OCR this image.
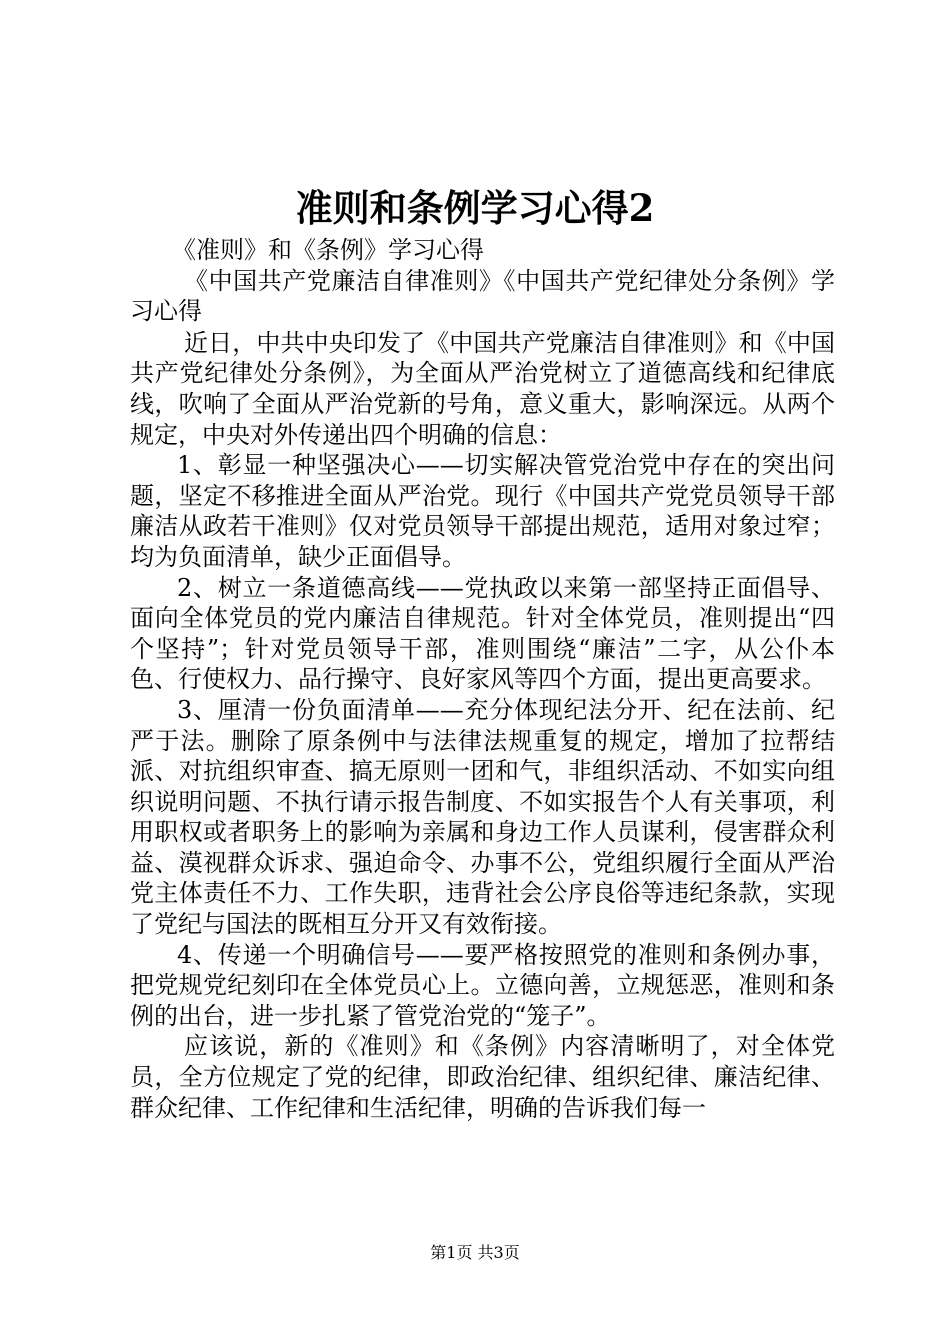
准则和条例学习心得2

《准则》和《条例》学习心得

《中国共产党廉洁自律准则》《中国共产党纪律处分条例》学习心得

近日，中共中央印发了《中国共产党廉洁自律准则》和《中国共产党纪律处分条例》，为全面从严治党树立了道德高线和纪律底线，吹响了全面从严治党新的号角，意义重大，影响深远。从两个规定，中央对外传递出四个明确的信息：

1、彰显一种坚强决心——切实解决管党治党中存在的突出问题，坚定不移推进全面从严治党。现行《中国共产党党员领导干部廉洁从政若干准则》仅对党员领导干部提出规范，适用对象过窄；均为负面清单，缺少正面倡导。

2、树立一条道德高线——党执政以来第一部坚持正面倡导、面向全体党员的党内廉洁自律规范。针对全体党员，准则提出“四个坚持”；针对党员领导干部，准则围绕“廉洁”二字，从公仆本色、行使权力、品行操守、良好家风等四个方面，提出更高要求。

3、厘清一份负面清单——充分体现纪法分开、纪在法前、纪严于法。删除了原条例中与法律法规重复的规定，增加了拉帮结派、对抗组织审查、搞无原则一团和气，非组织活动、不如实向组织说明问题、不执行请示报告制度、不如实报告个人有关事项，利用职权或者职务上的影响为亲属和身边工作人员谋利，侵害群众利益、漠视群众诉求、强迫命令、办事不公，党组织履行全面从严治党主体责任不力、工作失职，违背社会公序良俗等违纪条款，实现了党纪与国法的既相互分开又有效衔接。

4、传递一个明确信号——要严格按照党的准则和条例办事，把党规党纪刻印在全体党员心上。立德向善，立规惩恶，准则和条例的出台，进一步扎紧了管党治党的“笼子”。

应该说，新的《准则》和《条例》内容清晰明了，对全体党员，全方位规定了党的纪律，即政治纪律、组织纪律、廉洁纪律、群众纪律、工作纪律和生活纪律，明确的告诉我们每一

第1页 共3页
